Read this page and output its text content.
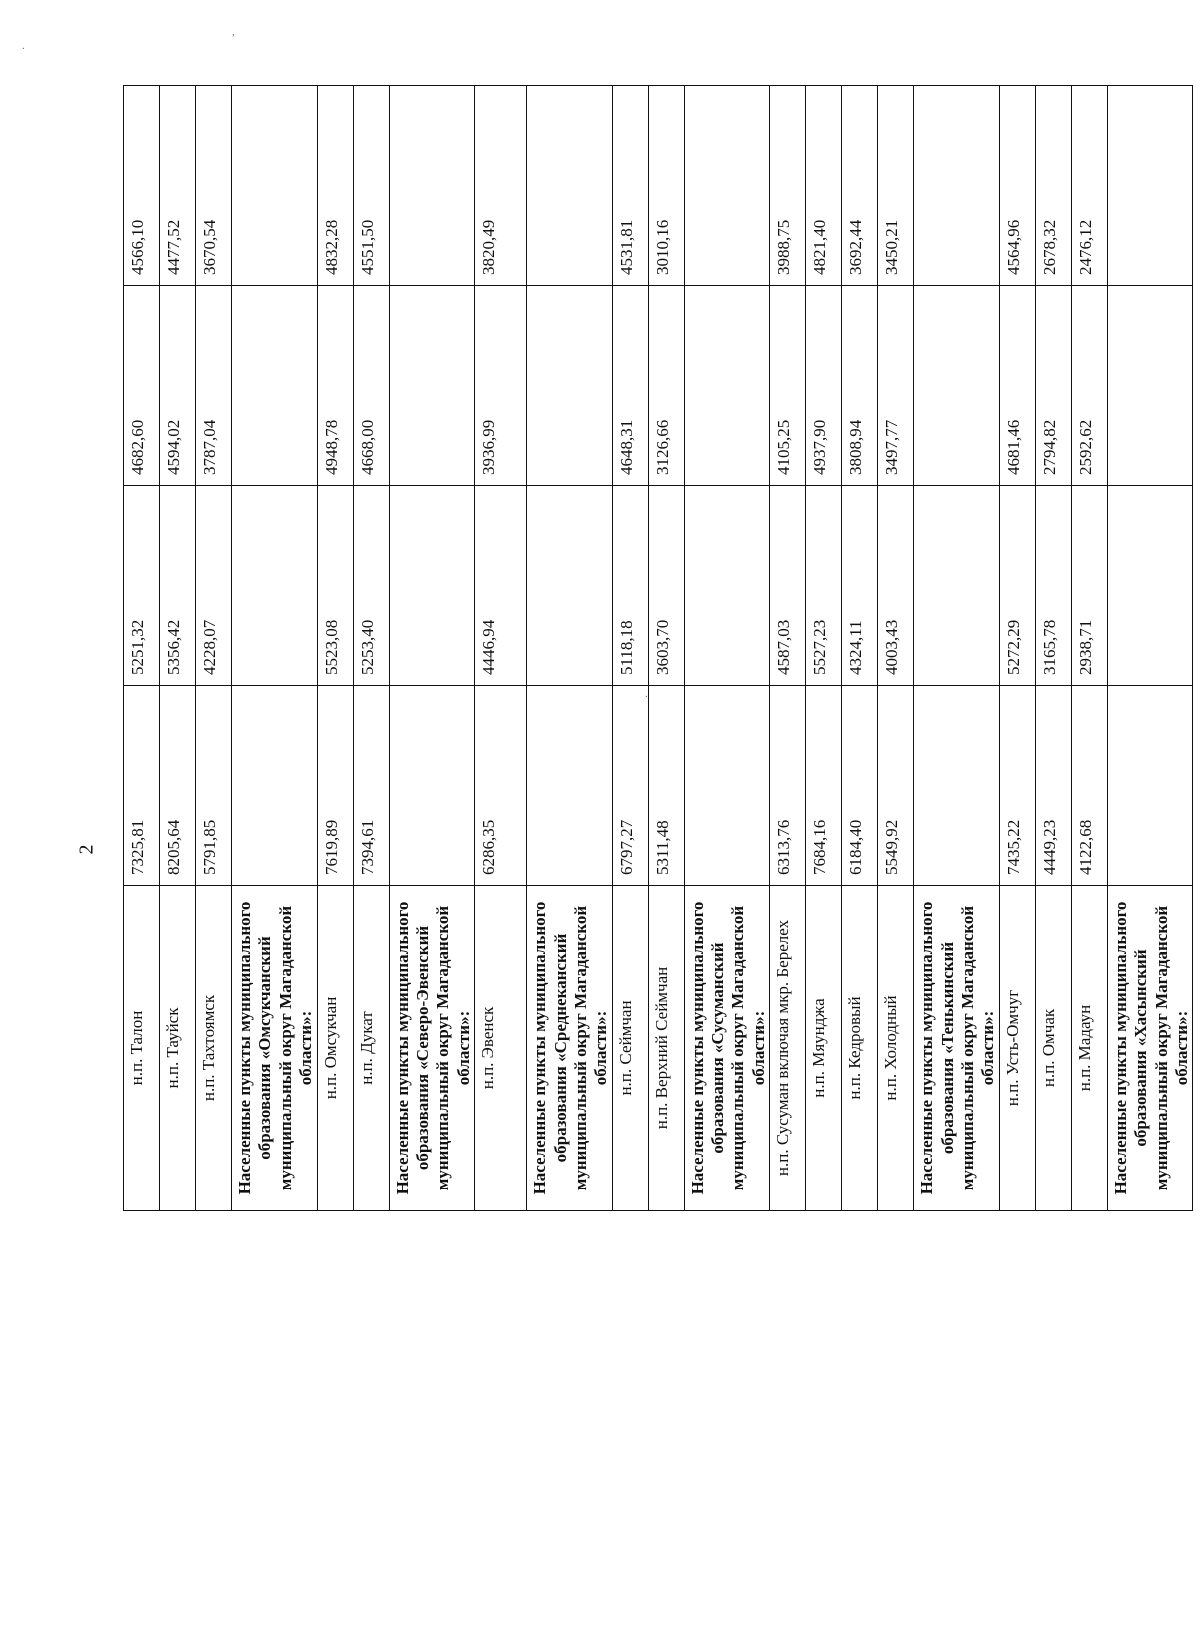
.
,
.
2
н.п. Талон	7325,81	5251,32	4682,60	4566,10
н.п. Тауйск	8205,64	5356,42	4594,02	4477,52
н.п. Тахтоямск	5791,85	4228,07	3787,04	3670,54
Населенные пункты муниципального образования «Омсукчанский муниципальный округ Магаданской области»:				
н.п. Омсукчан	7619,89	5523,08	4948,78	4832,28
н.п. Дукат	7394,61	5253,40	4668,00	4551,50
Населенные пункты муниципального образования «Северо-Эвенский муниципальный округ Магаданской области»:				
н.п. Эвенск	6286,35	4446,94	3936,99	3820,49
Населенные пункты муниципального образования «Среднеканский муниципальный округ Магаданской области»:				
н.п. Сеймчан	6797,27	5118,18	4648,31	4531,81
н.п. Верхний Сеймчан	5311,48	3603,70	3126,66	3010,16
Населенные пункты муниципального образования «Сусуманский муниципальный округ Магаданской области»:				
н.п. Сусуман включая мкр. Берелех	6313,76	4587,03	4105,25	3988,75
н.п. Мяунджа	7684,16	5527,23	4937,90	4821,40
н.п. Кедровый	6184,40	4324,11	3808,94	3692,44
н.п. Холодный	5549,92	4003,43	3497,77	3450,21
Населенные пункты муниципального образования «Тенькинский муниципальный округ Магаданской области»:				
н.п. Усть-Омчуг	7435,22	5272,29	4681,46	4564,96
н.п. Омчак	4449,23	3165,78	2794,82	2678,32
н.п. Мадаун	4122,68	2938,71	2592,62	2476,12
Населенные пункты муниципального образования «Хасынский муниципальный округ Магаданской области»:				
